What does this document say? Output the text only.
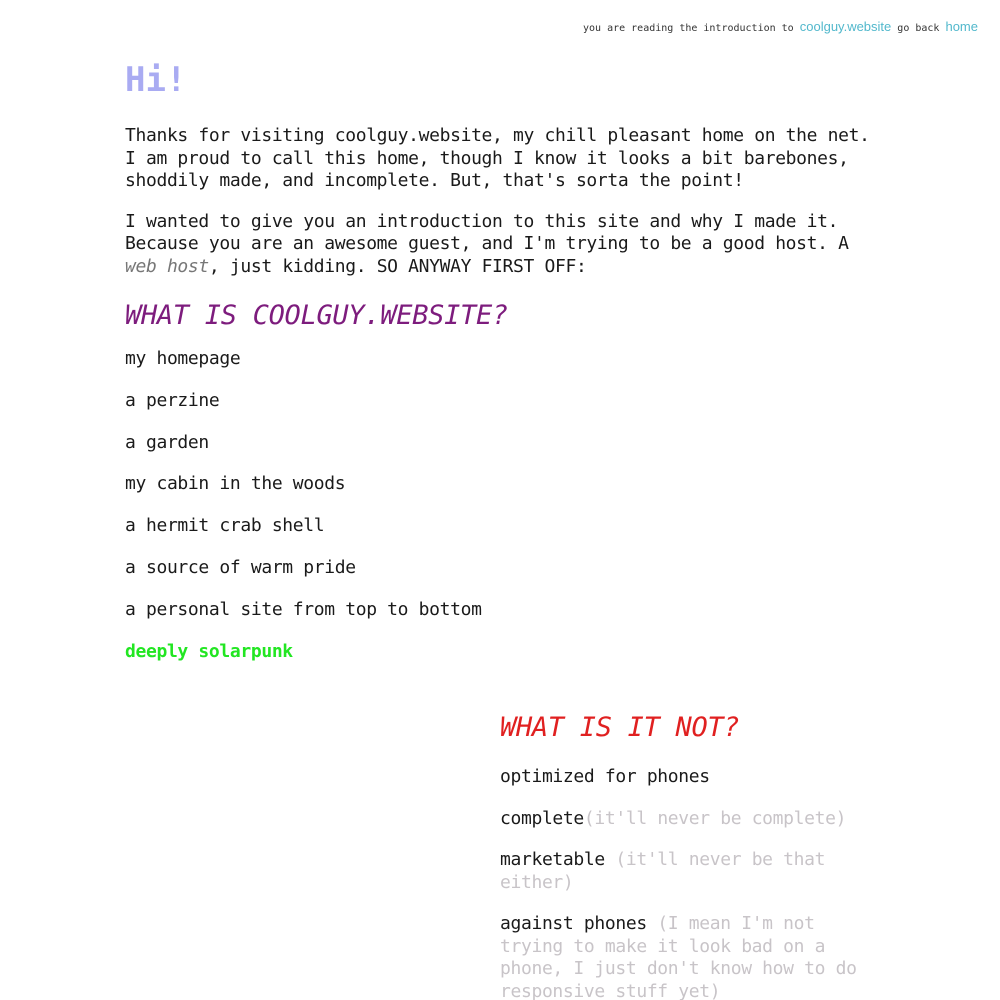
you are reading the introduction to coolguy.website go back home
Hi!

Thanks for visiting coolguy.website, my chill pleasant home on the net. I am proud to call this home, though I know it looks a bit barebones, shoddily made, and incomplete. But, that's sorta the point!

I wanted to give you an introduction to this site and why I made it. Because you are an awesome guest, and I'm trying to be a good host. A web host, just kidding. SO ANYWAY FIRST OFF:

WHAT IS COOLGUY.WEBSITE?
my homepage
a perzine
a garden
my cabin in the woods
a hermit crab shell
a source of warm pride
a personal site from top to bottom
deeply solarpunk
WHAT IS IT NOT?
optimized for phones
complete(it'll never be complete)
marketable (it'll never be that either)
against phones (I mean I'm not trying to make it look bad on a phone, I just don't know how to do responsive stuff yet)
